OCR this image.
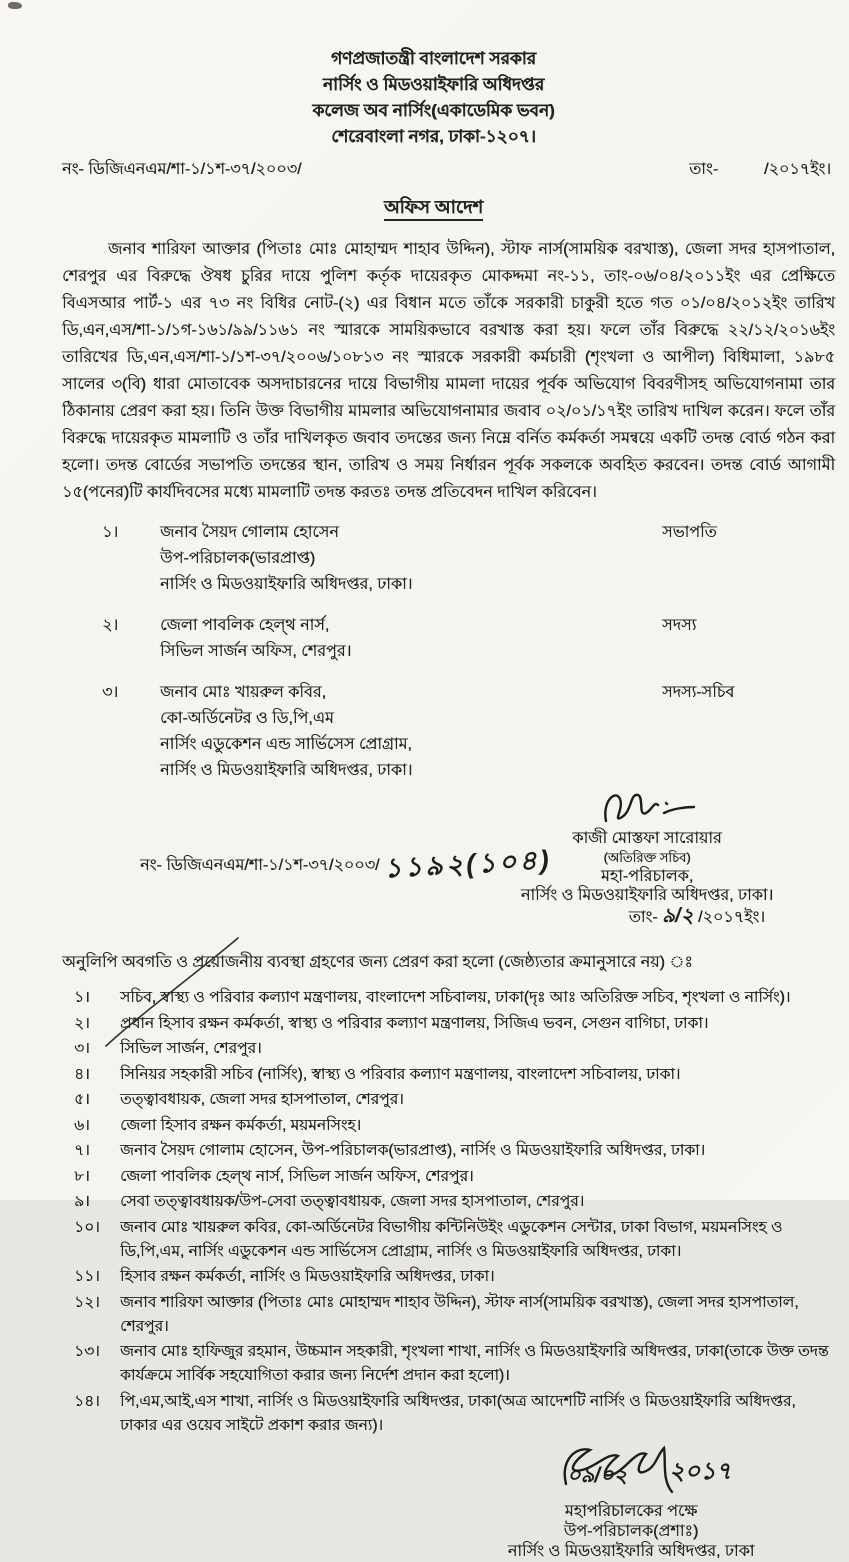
গণপ্রজাতন্ত্রী বাংলাদেশ সরকার
নার্সিং ও মিডওয়াইফারি অধিদপ্তর
কলেজ অব নার্সিং(একাডেমিক ভবন)
শেরেবাংলা নগর, ঢাকা-১২০৭।
নং- ডিজিএনএম/শা-১/১শ-৩৭/২০০৩/	তাং-	/২০১৭ইং।
অফিস আদেশ
জনাব শারিফা আক্তার (পিতাঃ মোঃ মোহাম্মদ শাহাব উদ্দিন), স্টাফ নার্স(সাময়িক বরখাস্ত), জেলা সদর হাসপাতাল, শেরপুর এর বিরুদ্ধে ঔষধ চুরির দায়ে পুলিশ কর্তৃক দায়েরকৃত মোকদ্দমা নং-১১, তাং-০৬/০৪/২০১১ইং এর প্রেক্ষিতে বিএসআর পার্ট-১ এর ৭৩ নং বিধির নোট-(২) এর বিধান মতে তাঁকে সরকারী চাকুরী হতে গত ০১/০৪/২০১২ইং তারিখ ডি,এন,এস/শা-১/১গ-১৬১/৯৯/১১৬১ নং স্মারকে সাময়িকভাবে বরখাস্ত করা হয়। ফলে তাঁর বিরুদ্ধে ২২/১২/২০১৬ইং তারিখের ডি,এন,এস/শা-১/১শ-৩৭/২০০৬/১০৮১৩ নং স্মারকে সরকারী কর্মচারী (শৃংখলা ও আপীল) বিধিমালা, ১৯৮৫ সালের ৩(বি) ধারা মোতাবেক অসদাচারনের দায়ে বিভাগীয় মামলা দায়ের পূর্বক অভিযোগ বিবরণীসহ অভিযোগনামা তার ঠিকানায় প্রেরণ করা হয়। তিনি উক্ত বিভাগীয় মামলার অভিযোগনামার জবাব ০২/০১/১৭ইং তারিখ দাখিল করেন। ফলে তাঁর বিরুদ্ধে দায়েরকৃত মামলাটি ও তাঁর দাখিলকৃত জবাব তদন্তের জন্য নিম্নে বর্নিত কর্মকর্তা সমন্বয়ে একটি তদন্ত বোর্ড গঠন করা হলো। তদন্ত বোর্ডের সভাপতি তদন্তের স্থান, তারিখ ও সময় নির্ধারন পূর্বক সকলকে অবহিত করবেন। তদন্ত বোর্ড আগামী ১৫(পনের)টি কার্যদিবসের মধ্যে মামলাটি তদন্ত করতঃ তদন্ত প্রতিবেদন দাখিল করিবেন।
১।	জনাব সৈয়দ গোলাম হোসেন
উপ-পরিচালক(ভারপ্রাপ্ত)
নার্সিং ও মিডওয়াইফারি অধিদপ্তর, ঢাকা।
সভাপতি
২।	জেলা পাবলিক হেল্থ নার্স,
সিভিল সার্জন অফিস, শেরপুর।
সদস্য
৩।	জনাব মোঃ খায়রুল কবির,
কো-অর্ডিনেটর ও ডি,পি,এম
নার্সিং এডুকেশন এন্ড সার্ভিসেস প্রোগ্রাম,
নার্সিং ও মিডওয়াইফারি অধিদপ্তর, ঢাকা।
সদস্য-সচিব
কাজী মোস্তফা সারোয়ার
(অতিরিক্ত সচিব)
মহা-পরিচালক,
নার্সিং ও মিডওয়াইফারি অধিদপ্তর, ঢাকা।
তাং- ৯/২ /২০১৭ইং।
নং- ডিজিএনএম/শা-১/১শ-৩৭/২০০৩/ ১১৯২(১০৪)
অনুলিপি অবগতি ও প্রয়োজনীয় ব্যবস্থা গ্রহণের জন্য প্রেরণ করা হলো (জেষ্ঠ্যতার ক্রমানুসারে নয়) ঃ
১।	সচিব, স্বাস্থ্য ও পরিবার কল্যাণ মন্ত্রণালয়, বাংলাদেশ সচিবালয়, ঢাকা(দৃঃ আঃ অতিরিক্ত সচিব, শৃংখলা ও নার্সিং)।
২।	প্রধান হিসাব রক্ষন কর্মকর্তা, স্বাস্থ্য ও পরিবার কল্যাণ মন্ত্রণালয়, সিজিএ ভবন, সেগুন বাগিচা, ঢাকা।
৩।	সিভিল সার্জন, শেরপুর।
৪।	সিনিয়র সহকারী সচিব (নার্সিং), স্বাস্থ্য ও পরিবার কল্যাণ মন্ত্রণালয়, বাংলাদেশ সচিবালয়, ঢাকা।
৫।	তত্ত্বাবধায়ক, জেলা সদর হাসপাতাল, শেরপুর।
৬।	জেলা হিসাব রক্ষন কর্মকর্তা, ময়মনসিংহ।
৭।	জনাব সৈয়দ গোলাম হোসেন, উপ-পরিচালক(ভারপ্রাপ্ত), নার্সিং ও মিডওয়াইফারি অধিদপ্তর, ঢাকা।
৮।	জেলা পাবলিক হেল্থ নার্স, সিভিল সার্জন অফিস, শেরপুর।
৯।	সেবা তত্ত্বাবধায়ক/উপ-সেবা তত্ত্বাবধায়ক, জেলা সদর হাসপাতাল, শেরপুর।
১০।	জনাব মোঃ খায়রুল কবির, কো-অর্ডিনেটর বিভাগীয় কন্টিনিউইং এডুকেশন সেন্টার, ঢাকা বিভাগ, ময়মনসিংহ ও ডি,পি,এম, নার্সিং এডুকেশন এন্ড সার্ভিসেস প্রোগ্রাম, নার্সিং ও মিডওয়াইফারি অধিদপ্তর, ঢাকা।
১১।	হিসাব রক্ষন কর্মকর্তা, নার্সিং ও মিডওয়াইফারি অধিদপ্তর, ঢাকা।
১২।	জনাব শারিফা আক্তার (পিতাঃ মোঃ মোহাম্মদ শাহাব উদ্দিন), স্টাফ নার্স(সাময়িক বরখাস্ত), জেলা সদর হাসপাতাল, শেরপুর।
১৩।	জনাব মোঃ হাফিজুর রহমান, উচ্চমান সহকারী, শৃংখলা শাখা, নার্সিং ও মিডওয়াইফারি অধিদপ্তর, ঢাকা(তাকে উক্ত তদন্ত কার্যক্রমে সার্বিক সহযোগিতা করার জন্য নির্দেশ প্রদান করা হলো)।
১৪।	পি,এম,আই,এস শাখা, নার্সিং ও মিডওয়াইফারি অধিদপ্তর, ঢাকা(অত্র আদেশটি নার্সিং ও মিডওয়াইফারি অধিদপ্তর, ঢাকার এর ওয়েব সাইটে প্রকাশ করার জন্য)।
০৯/০২ ২০১৭
মহাপরিচালকের পক্ষে
উপ-পরিচালক(প্রশাঃ)
নার্সিং ও মিডওয়াইফারি অধিদপ্তর, ঢাকা
